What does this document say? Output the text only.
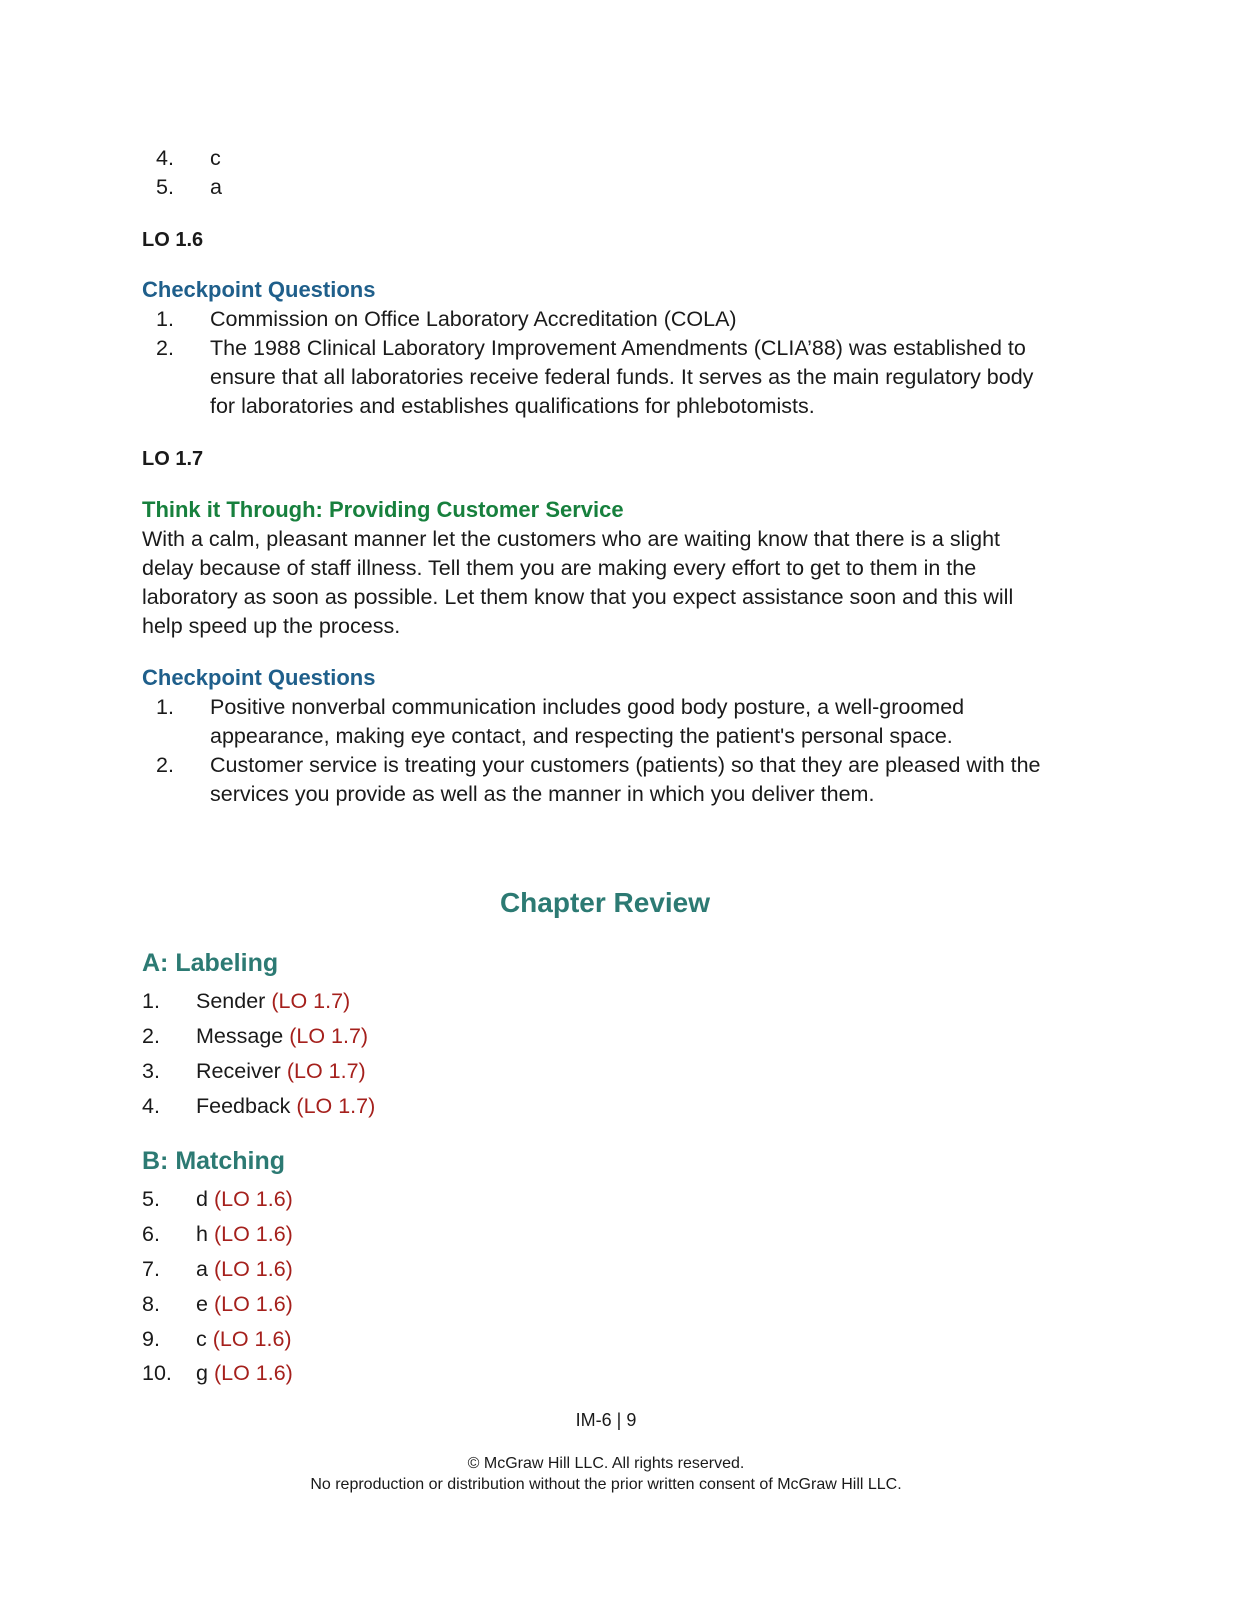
4. c
5. a
LO 1.6
Checkpoint Questions
1. Commission on Office Laboratory Accreditation (COLA)
2. The 1988 Clinical Laboratory Improvement Amendments (CLIA’88) was established to ensure that all laboratories receive federal funds. It serves as the main regulatory body for laboratories and establishes qualifications for phlebotomists.
LO 1.7
Think it Through: Providing Customer Service
With a calm, pleasant manner let the customers who are waiting know that there is a slight delay because of staff illness. Tell them you are making every effort to get to them in the laboratory as soon as possible. Let them know that you expect assistance soon and this will help speed up the process.
Checkpoint Questions
1. Positive nonverbal communication includes good body posture, a well-groomed appearance, making eye contact, and respecting the patient's personal space.
2. Customer service is treating your customers (patients) so that they are pleased with the services you provide as well as the manner in which you deliver them.
Chapter Review
A: Labeling
1. Sender (LO 1.7)
2. Message (LO 1.7)
3. Receiver (LO 1.7)
4. Feedback (LO 1.7)
B: Matching
5. d (LO 1.6)
6. h (LO 1.6)
7. a (LO 1.6)
8. e (LO 1.6)
9. c (LO 1.6)
10. g (LO 1.6)
IM-6 | 9
© McGraw Hill LLC. All rights reserved.
No reproduction or distribution without the prior written consent of McGraw Hill LLC.
